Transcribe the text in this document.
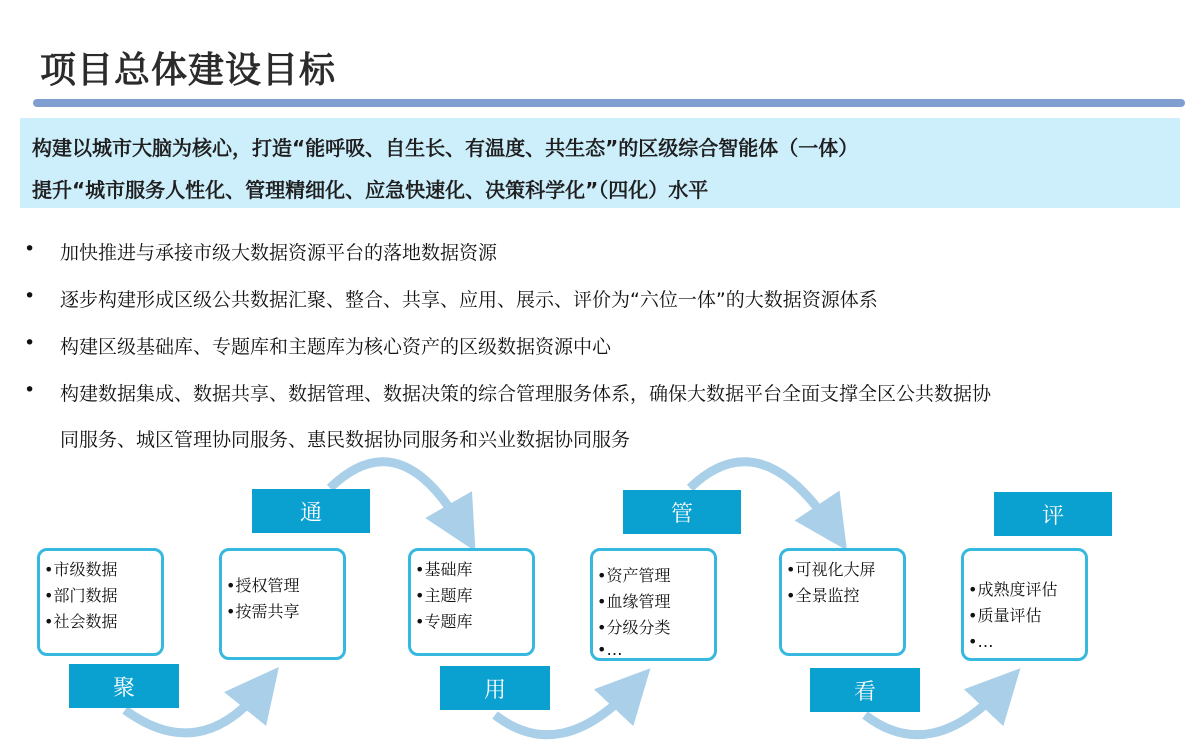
项目总体建设目标
构建以城市大脑为核心，打造“能呼吸、自生长、有温度、共生态”的区级综合智能体（一体）
提升“城市服务人性化、管理精细化、应急快速化、决策科学化”（四化）水平
• 加快推进与承接市级大数据资源平台的落地数据资源
• 逐步构建形成区级公共数据汇聚、整合、共享、应用、展示、评价为“六位一体”的大数据资源体系
• 构建区级基础库、专题库和主题库为核心资产的区级数据资源中心
• 构建数据集成、数据共享、数据管理、数据决策的综合管理服务体系，确保大数据平台全面支撑全区公共数据协
同服务、城区管理协同服务、惠民数据协同服务和兴业数据协同服务
通	管	评
聚	用	看
•市级数据
•部门数据
•社会数据
•授权管理
•按需共享
•基础库
•主题库
•专题库
•资产管理
•血缘管理
•分级分类
•…
•可视化大屏
•全景监控	•成熟度评估
•质量评估
•…
